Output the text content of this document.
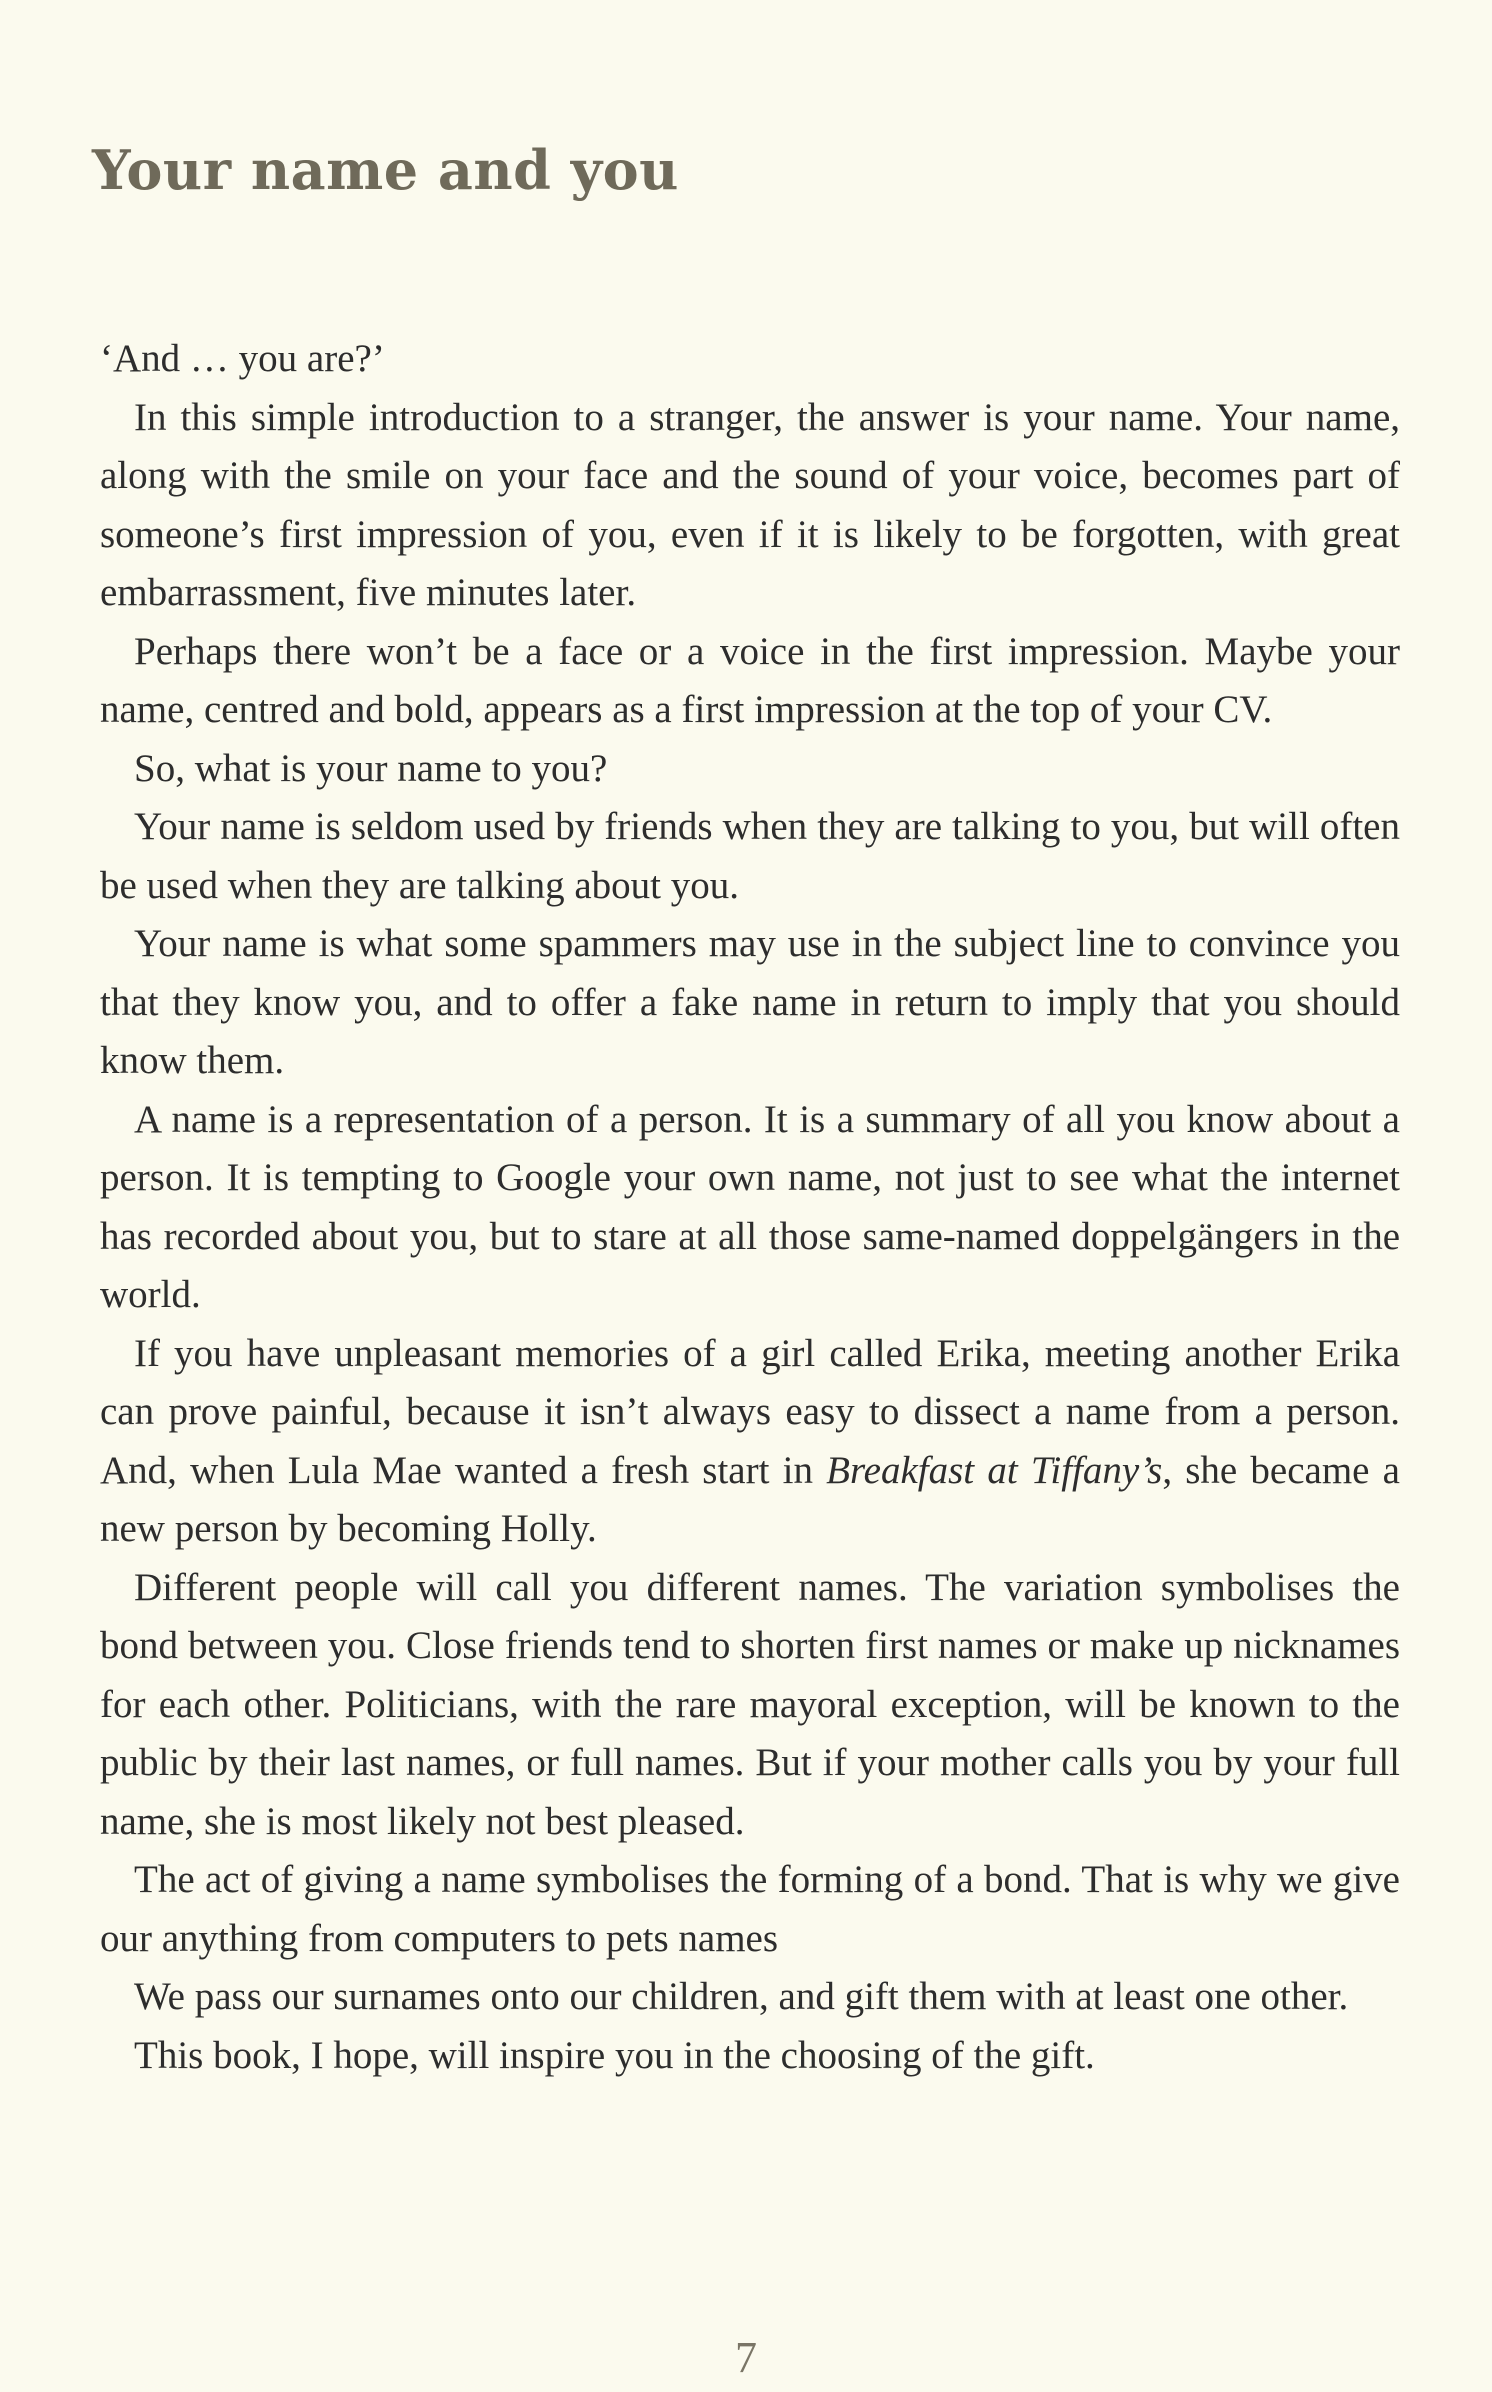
Your name and you

‘And … you are?’

In this simple introduction to a stranger, the answer is your name. Your name, along with the smile on your face and the sound of your voice, becomes part of someone’s first impression of you, even if it is likely to be forgotten, with great embarrassment, five minutes later.

Perhaps there won’t be a face or a voice in the first impression. Maybe your name, centred and bold, appears as a first impression at the top of your CV.

So, what is your name to you?

Your name is seldom used by friends when they are talking to you, but will often be used when they are talking about you.

Your name is what some spammers may use in the subject line to convince you that they know you, and to offer a fake name in return to imply that you should know them.

A name is a representation of a person. It is a summary of all you know about a person. It is tempting to Google your own name, not just to see what the internet has recorded about you, but to stare at all those same-named doppelgängers in the world.

If you have unpleasant memories of a girl called Erika, meeting another Erika can prove painful, because it isn’t always easy to dissect a name from a person. And, when Lula Mae wanted a fresh start in Breakfast at Tiffany’s, she became a new person by becoming Holly.

Different people will call you different names. The variation symbolises the bond between you. Close friends tend to shorten first names or make up nicknames for each other. Politicians, with the rare mayoral exception, will be known to the public by their last names, or full names. But if your mother calls you by your full name, she is most likely not best pleased.

The act of giving a name symbolises the forming of a bond. That is why we give our anything from computers to pets names

We pass our surnames onto our children, and gift them with at least one other.

This book, I hope, will inspire you in the choosing of the gift.

7
